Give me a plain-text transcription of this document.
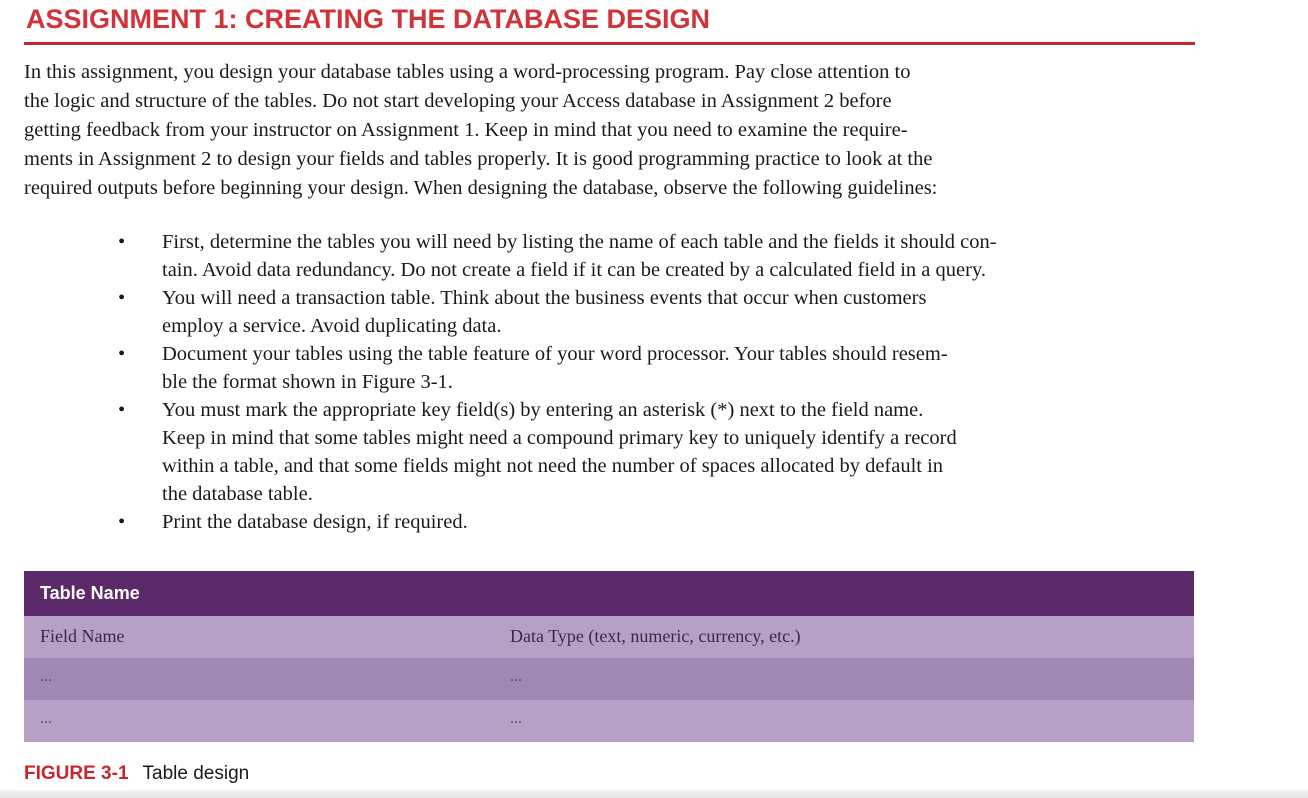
ASSIGNMENT 1: CREATING THE DATABASE DESIGN

In this assignment, you design your database tables using a word-processing program. Pay close attention to
the logic and structure of the tables. Do not start developing your Access database in Assignment 2 before
getting feedback from your instructor on Assignment 1. Keep in mind that you need to examine the require-
ments in Assignment 2 to design your fields and tables properly. It is good programming practice to look at the
required outputs before beginning your design. When designing the database, observe the following guidelines:

• First, determine the tables you will need by listing the name of each table and the fields it should con-
tain. Avoid data redundancy. Do not create a field if it can be created by a calculated field in a query.
• You will need a transaction table. Think about the business events that occur when customers
employ a service. Avoid duplicating data.
• Document your tables using the table feature of your word processor. Your tables should resem-
ble the format shown in Figure 3-1.
• You must mark the appropriate key field(s) by entering an asterisk (*) next to the field name.
Keep in mind that some tables might need a compound primary key to uniquely identify a record
within a table, and that some fields might not need the number of spaces allocated by default in
the database table.
• Print the database design, if required.
Table Name
Field Name	Data Type (text, numeric, currency, etc.)
...	...
...	...
FIGURE 3-1 Table design
